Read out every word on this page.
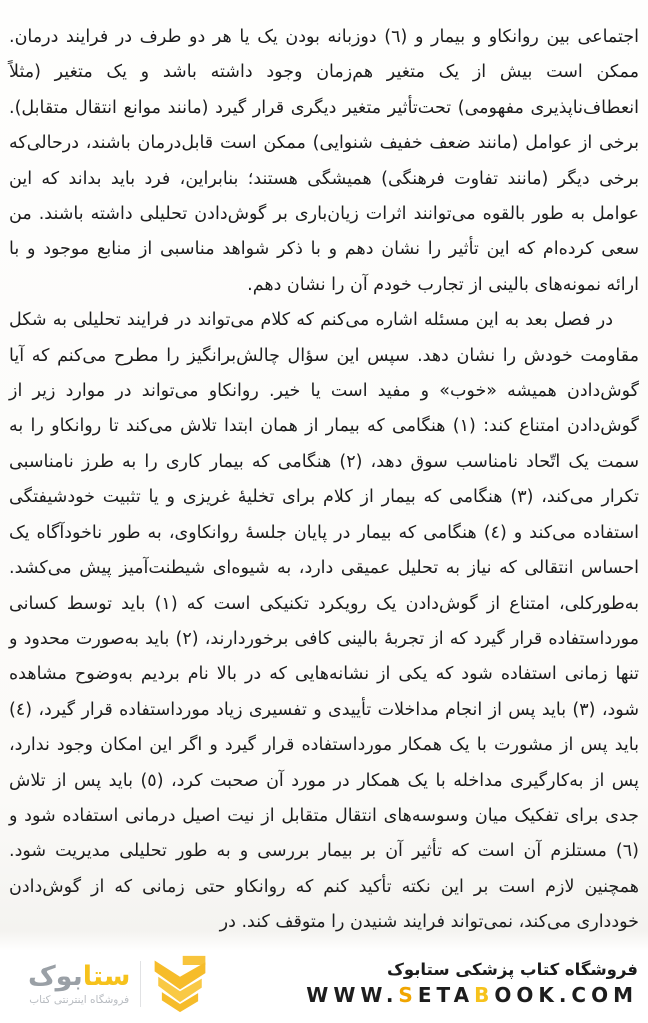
اجتماعی بین روانکاو و بیمار و (٦) دوزبانه بودن یک یا هر دو طرف در فرایند درمان. ممکن است بیش از یک متغیر هم‌زمان وجود داشته باشد و یک متغیر (مثلاً انعطاف‌ناپذیری مفهومی) تحت‌تأثیر متغیر دیگری قرار گیرد (مانند موانع انتقال متقابل). برخی از عوامل (مانند ضعف خفیف شنوایی) ممکن است قابل‌درمان باشند، درحالی‌که برخی دیگر (مانند تفاوت فرهنگی) همیشگی هستند؛ بنابراین، فرد باید بداند که این عوامل به طور بالقوه می‌توانند اثرات زیان‌باری بر گوش‌دادن تحلیلی داشته باشند. من سعی کرده‌ام که این تأثیر را نشان دهم و با ذکر شواهد مناسبی از منابع موجود و با ارائه نمونه‌های بالینی از تجارب خودم آن را نشان دهم.

در فصل بعد به این مسئله اشاره می‌کنم که کلام می‌تواند در فرایند تحلیلی به شکل مقاومت خودش را نشان دهد. سپس این سؤال چالش‌برانگیز را مطرح می‌کنم که آیا گوش‌دادن همیشه «خوب» و مفید است یا خیر. روانکاو می‌تواند در موارد زیر از گوش‌دادن امتناع کند: (۱) هنگامی که بیمار از همان ابتدا تلاش می‌کند تا روانکاو را به سمت یک اتّحاد نامناسب سوق دهد، (۲) هنگامی که بیمار کاری را به طرز نامناسبی تکرار می‌کند، (۳) هنگامی که بیمار از کلام برای تخلیهٔ غریزی و یا تثبیت خودشیفتگی استفاده می‌کند و (٤) هنگامی که بیمار در پایان جلسهٔ روانکاوی، به طور ناخودآگاه یک احساس انتقالی که نیاز به تحلیل عمیقی دارد، به شیوه‌ای شیطنت‌آمیز پیش می‌کشد. به‌طورکلی، امتناع از گوش‌دادن یک رویکرد تکنیکی است که (۱) باید توسط کسانی مورداستفاده قرار گیرد که از تجربهٔ بالینی کافی برخوردارند، (۲) باید به‌صورت محدود و تنها زمانی استفاده شود که یکی از نشانه‌هایی که در بالا نام بردیم به‌وضوح مشاهده شود، (۳) باید پس از انجام مداخلات تأییدی و تفسیری زیاد مورداستفاده قرار گیرد، (٤) باید پس از مشورت با یک همکار مورداستفاده قرار گیرد و اگر این امکان وجود ندارد، پس از به‌کارگیری مداخله با یک همکار در مورد آن صحبت کرد، (٥) باید پس از تلاش جدی برای تفکیک میان وسوسه‌های انتقال متقابل از نیت اصیل درمانی استفاده شود و (٦) مستلزم آن است که تأثیر آن بر بیمار بررسی و به طور تحلیلی مدیریت شود. همچنین لازم است بر این نکته تأکید کنم که روانکاو حتی زمانی که از گوش‌دادن خودداری می‌کند، نمی‌تواند فرایند شنیدن را متوقف کند. در

ستابوک
فروشگاه اینترنتی کتاب
فروشگاه کتاب پزشکی ستابوک
WWW.SETABOOK.COM
